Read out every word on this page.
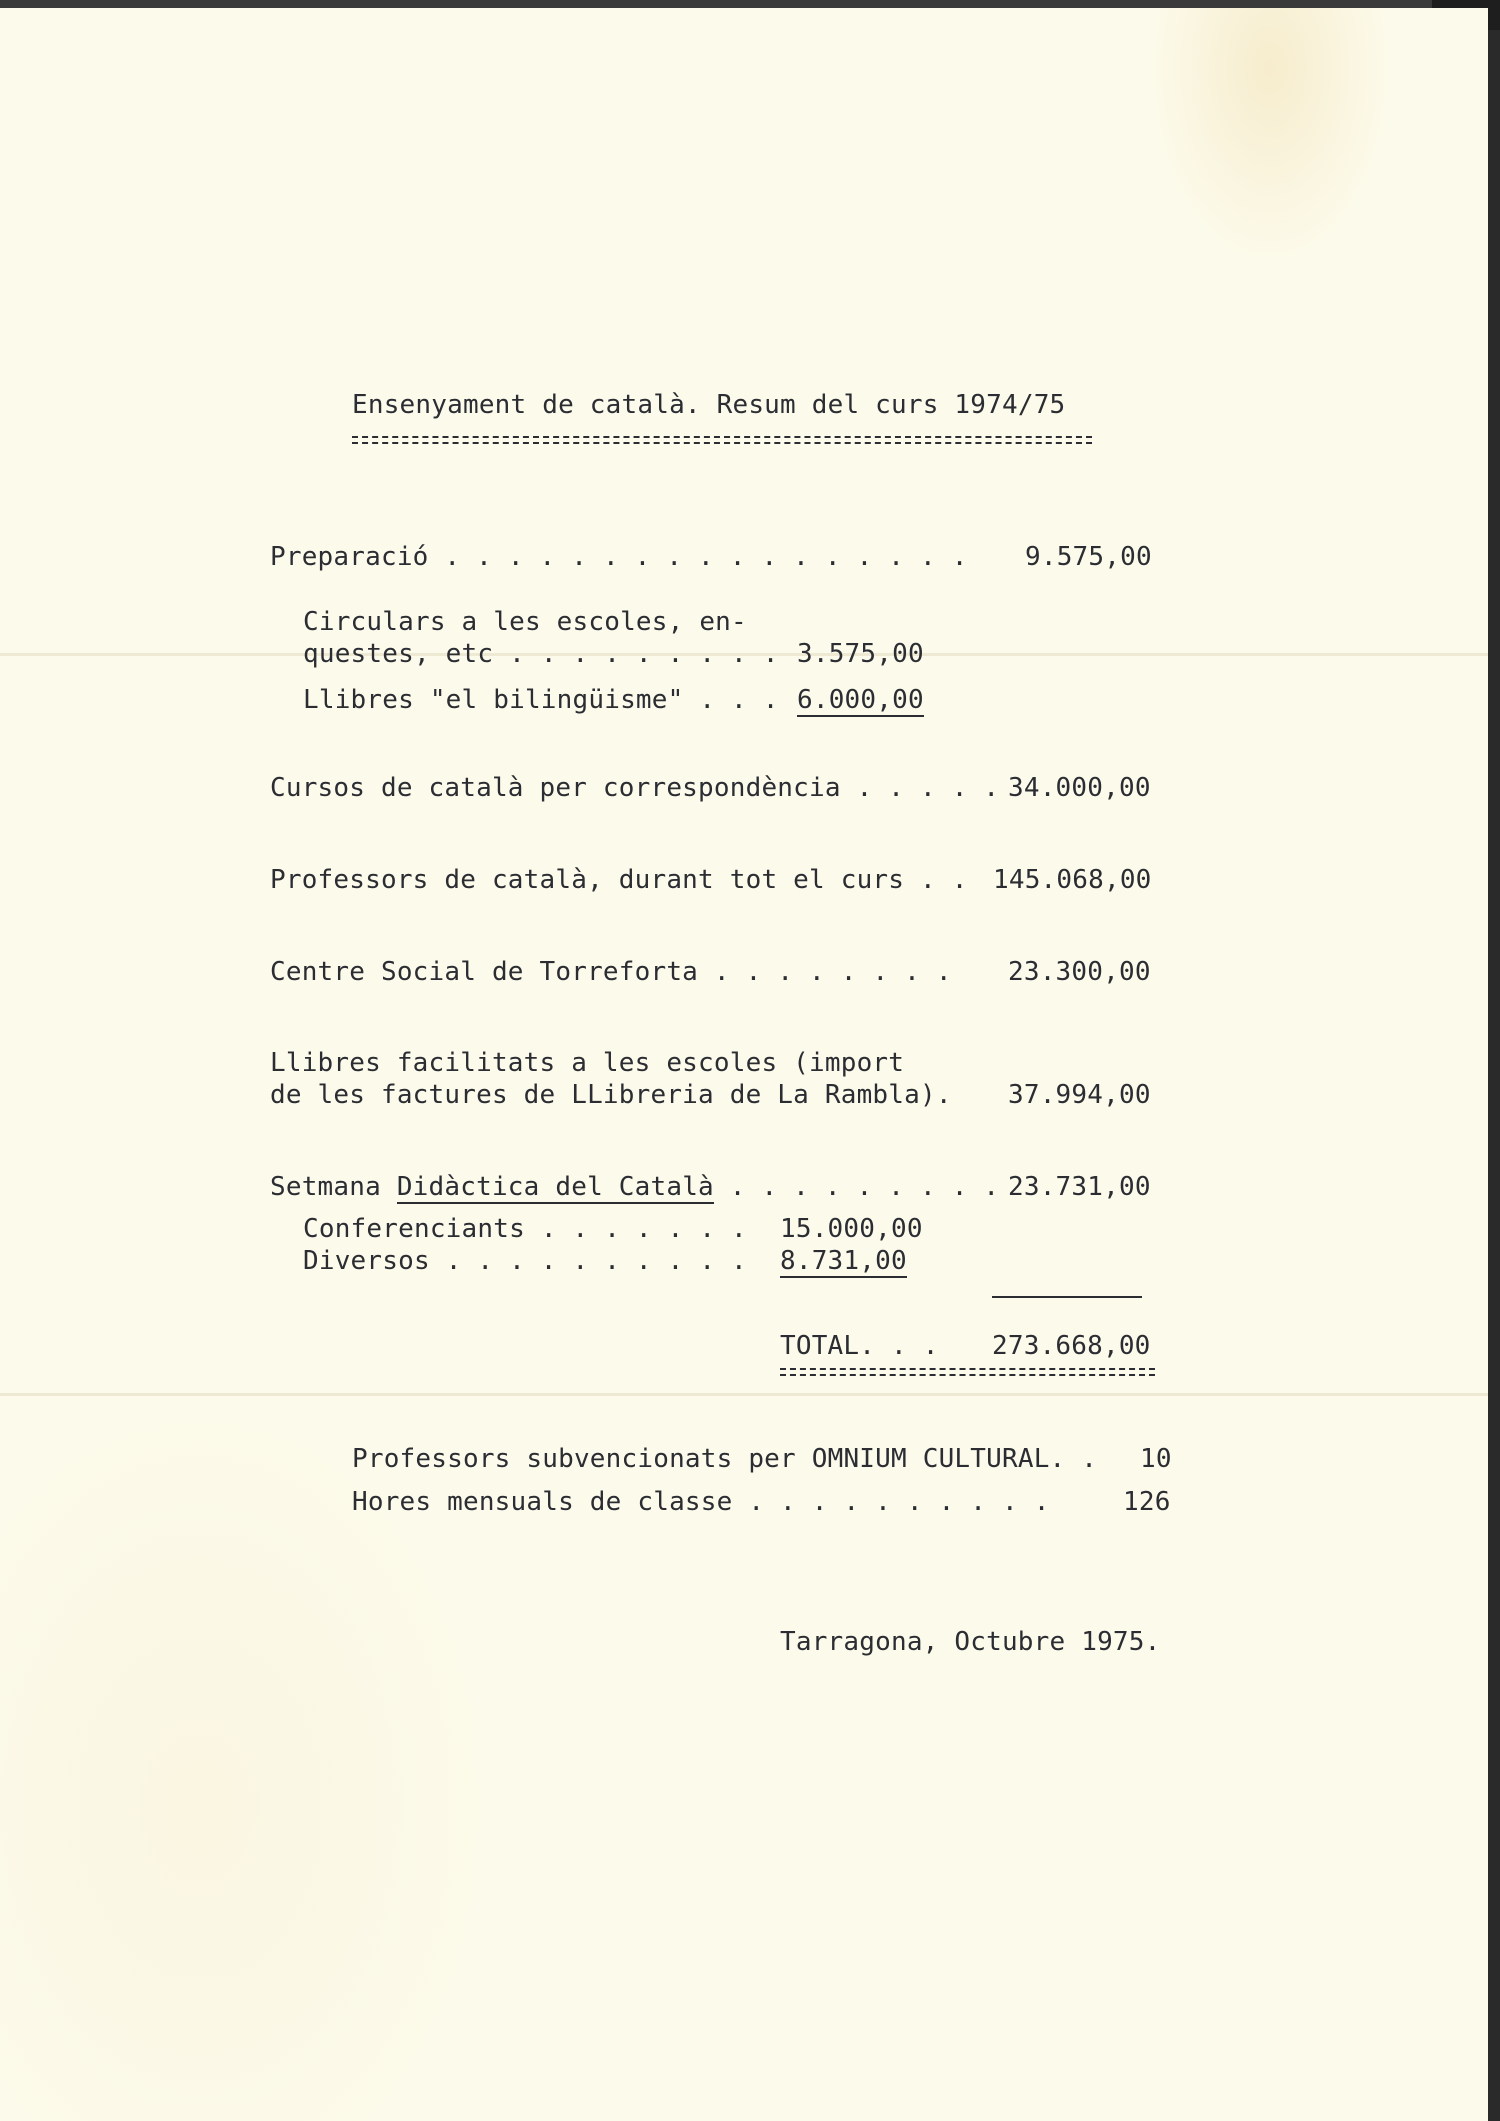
Ensenyament de català. Resum del curs 1974/75
Preparació . . . . . . . . . . . . . . . . . 9.575,00
Circulars a les escoles, en-
questes, etc . . . . . . . . . 3.575,00
Llibres "el bilingüisme" . . . 6.000,00
Cursos de català per correspondència . . . . . 34.000,00
Professors de català, durant tot el curs . . 145.068,00
Centre Social de Torreforta . . . . . . . . 23.300,00
Llibres facilitats a les escoles (import
de les factures de LLibreria de La Rambla). 37.994,00
Setmana Didàctica del Català . . . . . . . . . 23.731,00
Conferenciants . . . . . . . 15.000,00
Diversos . . . . . . . . . . 8.731,00
TOTAL. . . 273.668,00
Professors subvencionats per OMNIUM CULTURAL. . 10
Hores mensuals de classe . . . . . . . . . .	126
Tarragona, Octubre 1975.
